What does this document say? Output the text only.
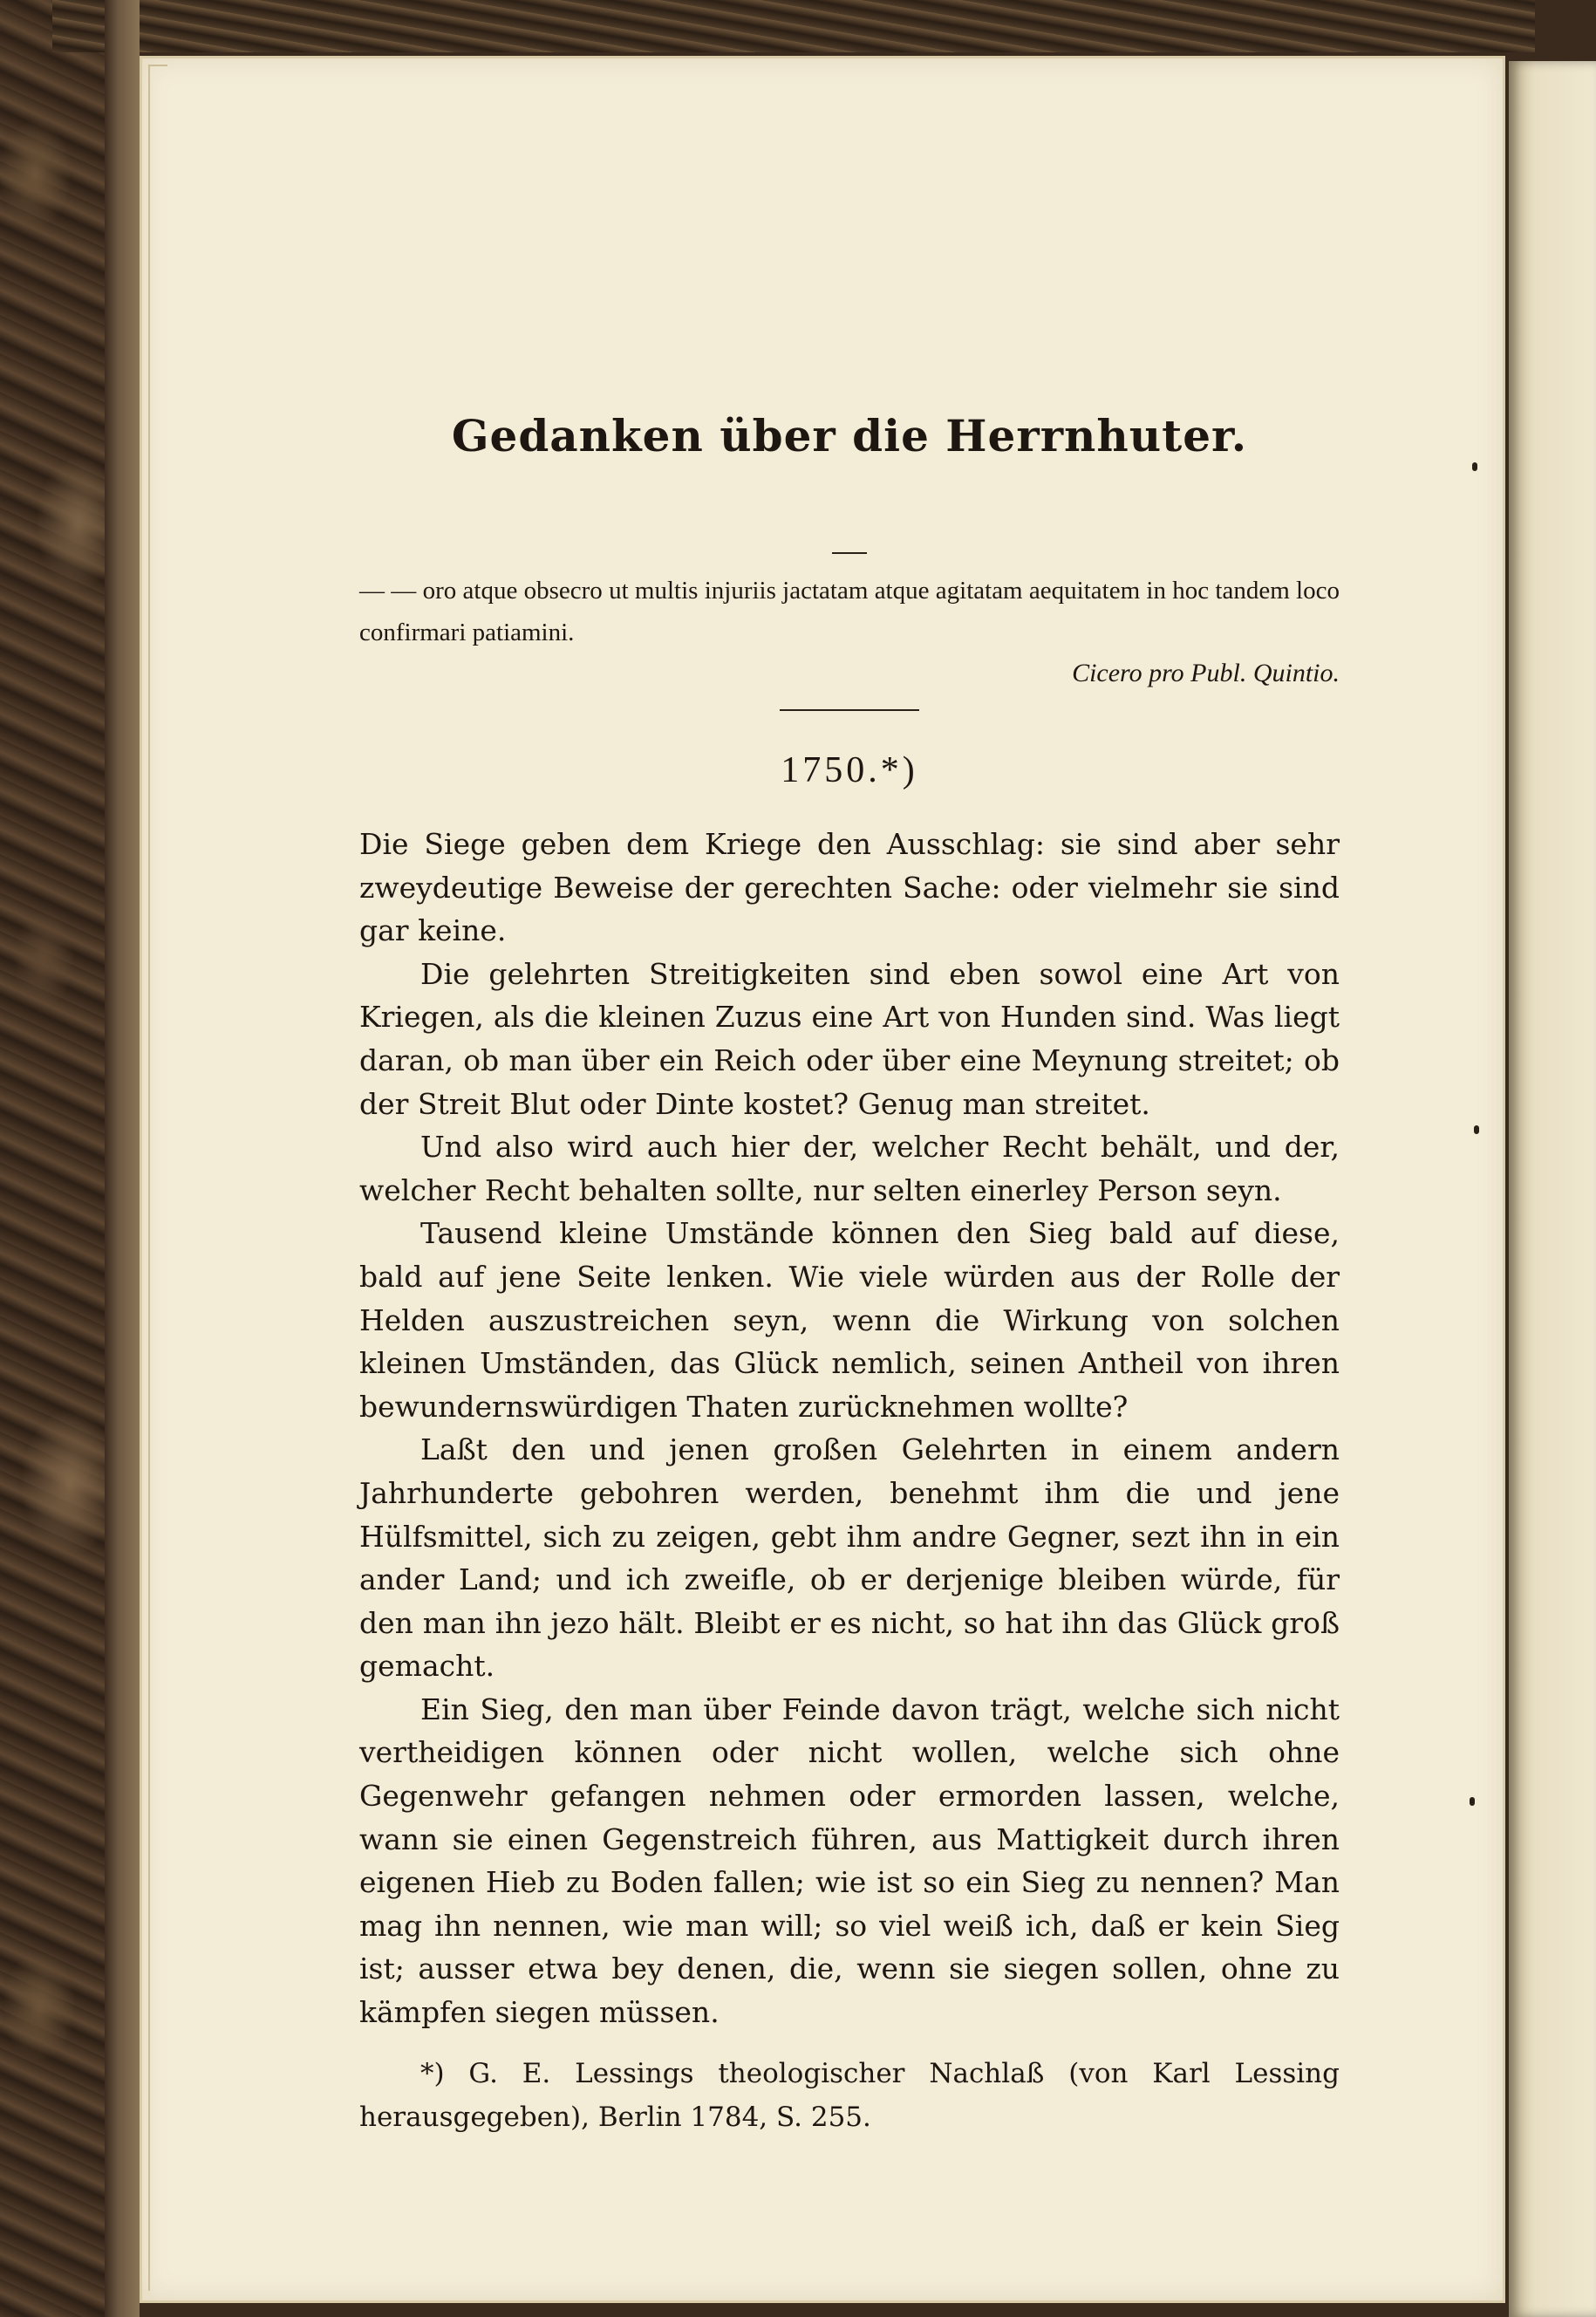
Gedanken über die Herrnhuter.
— — oro atque obsecro ut multis injuriis jactatam atque agitatam aequitatem in hoc tandem loco confirmari patiamini.
Cicero pro Publ. Quintio.
1750.*)

Die Siege geben dem Kriege den Ausschlag: sie sind aber sehr zweydeutige Beweise der gerechten Sache: oder vielmehr sie sind gar keine.

Die gelehrten Streitigkeiten sind eben sowol eine Art von Kriegen, als die kleinen Zuzus eine Art von Hunden sind. Was liegt daran, ob man über ein Reich oder über eine Meynung streitet; ob der Streit Blut oder Dinte kostet? Genug man streitet.

Und also wird auch hier der, welcher Recht behält, und der, welcher Recht behalten sollte, nur selten einerley Person seyn.

Tausend kleine Umstände können den Sieg bald auf diese, bald auf jene Seite lenken. Wie viele würden aus der Rolle der Helden auszustreichen seyn, wenn die Wirkung von solchen kleinen Umständen, das Glück nemlich, seinen Antheil von ihren bewundernswürdigen Thaten zurücknehmen wollte?

Laßt den und jenen großen Gelehrten in einem andern Jahrhunderte gebohren werden, benehmt ihm die und jene Hülfsmittel, sich zu zeigen, gebt ihm andre Gegner, sezt ihn in ein ander Land; und ich zweifle, ob er derjenige bleiben würde, für den man ihn jezo hält. Bleibt er es nicht, so hat ihn das Glück groß gemacht.

Ein Sieg, den man über Feinde davon trägt, welche sich nicht vertheidigen können oder nicht wollen, welche sich ohne Gegenwehr gefangen nehmen oder ermorden lassen, welche, wann sie einen Gegenstreich führen, aus Mattigkeit durch ihren eigenen Hieb zu Boden fallen; wie ist so ein Sieg zu nennen? Man mag ihn nennen, wie man will; so viel weiß ich, daß er kein Sieg ist; ausser etwa bey denen, die, wenn sie siegen sollen, ohne zu kämpfen siegen müssen.

*) G. E. Lessings theologischer Nachlaß (von Karl Lessing herausgegeben), Berlin 1784, S. 255.
